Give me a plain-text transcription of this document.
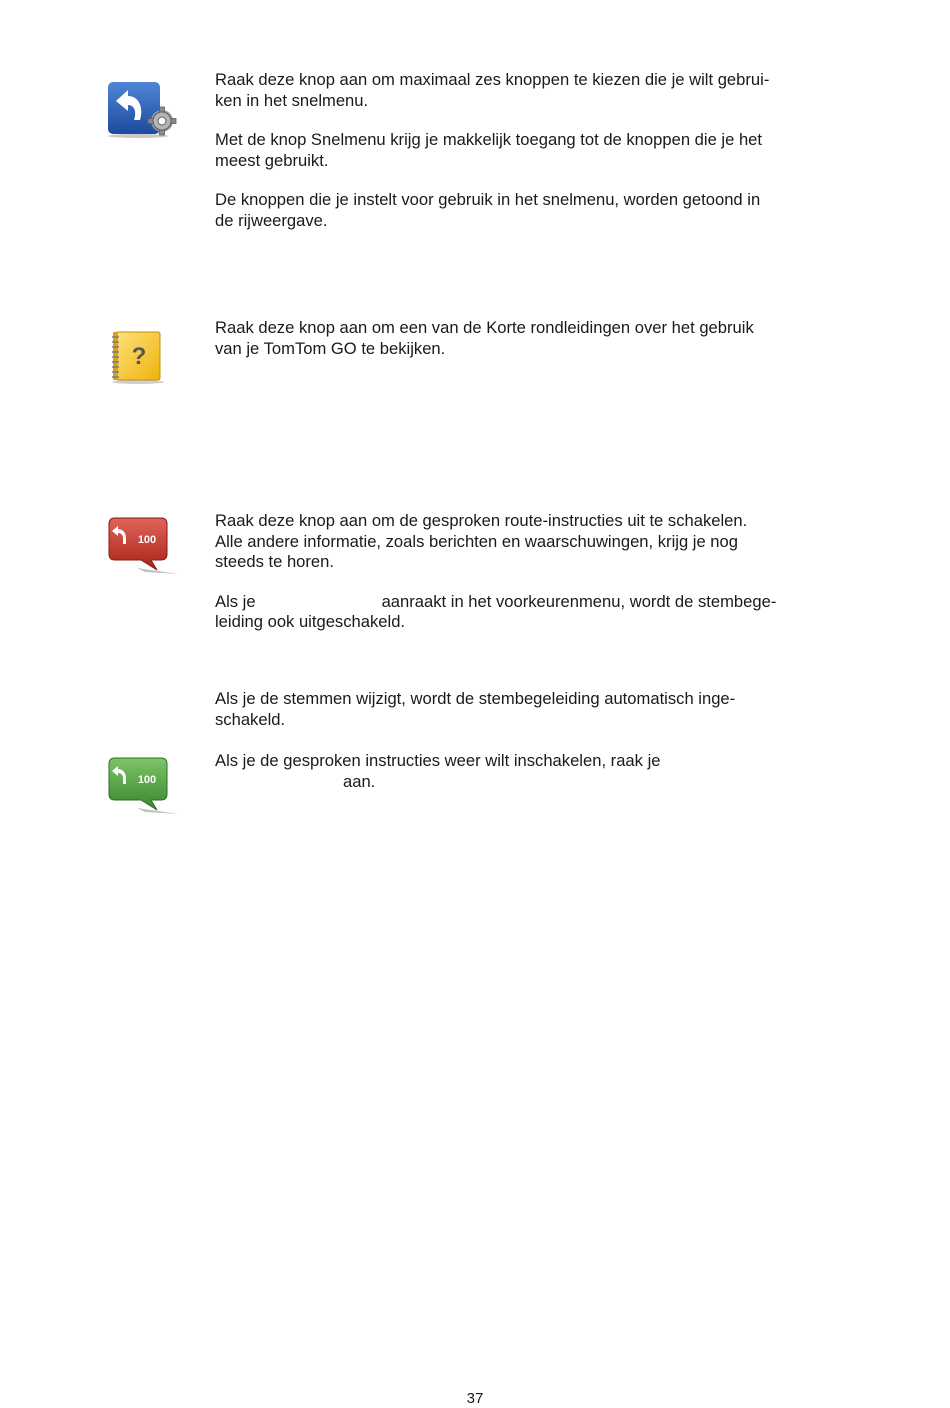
?
100
100

Raak deze knop aan om maximaal zes knoppen te kiezen die je wilt gebrui-
ken in het snelmenu.

Met de knop Snelmenu krijg je makkelijk toegang tot de knoppen die je het
meest gebruikt.

De knoppen die je instelt voor gebruik in het snelmenu, worden getoond in
de rijweergave.

Raak deze knop aan om een van de Korte rondleidingen over het gebruik
van je TomTom GO te bekijken.

Raak deze knop aan om de gesproken route-instructies uit te schakelen.
Alle andere informatie, zoals berichten en waarschuwingen, krijg je nog
steeds te horen.

Als je	aanraakt in het voorkeurenmenu, wordt de stembege-
leiding ook uitgeschakeld.

Als je de stemmen wijzigt, wordt de stembegeleiding automatisch inge-
schakeld.

Als je de gesproken instructies weer wilt inschakelen, raak je
aan.

37
